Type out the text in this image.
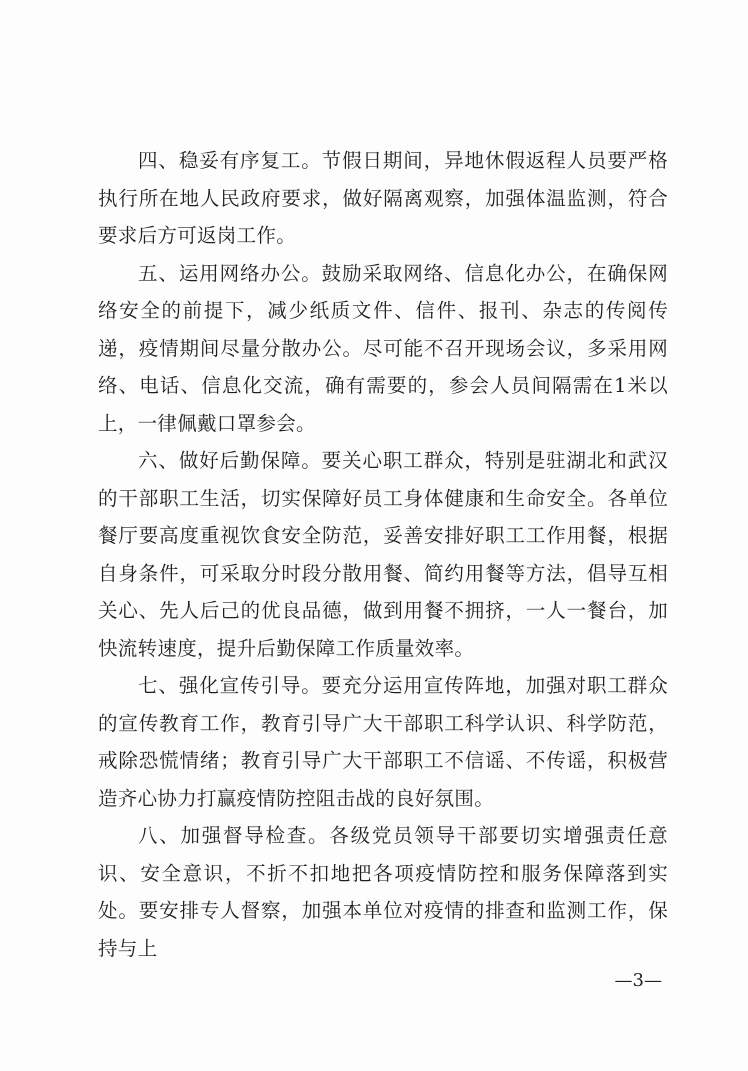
四、稳妥有序复工。节假日期间，异地休假返程人员要严格执行所在地人民政府要求，做好隔离观察，加强体温监测，符合要求后方可返岗工作。

五、运用网络办公。鼓励采取网络、信息化办公，在确保网络安全的前提下，减少纸质文件、信件、报刊、杂志的传阅传递，疫情期间尽量分散办公。尽可能不召开现场会议，多采用网络、电话、信息化交流，确有需要的，参会人员间隔需在1米以上，一律佩戴口罩参会。

六、做好后勤保障。要关心职工群众，特别是驻湖北和武汉的干部职工生活，切实保障好员工身体健康和生命安全。各单位餐厅要高度重视饮食安全防范，妥善安排好职工工作用餐，根据自身条件，可采取分时段分散用餐、简约用餐等方法，倡导互相关心、先人后己的优良品德，做到用餐不拥挤，一人一餐台，加快流转速度，提升后勤保障工作质量效率。

七、强化宣传引导。要充分运用宣传阵地，加强对职工群众的宣传教育工作，教育引导广大干部职工科学认识、科学防范，戒除恐慌情绪；教育引导广大干部职工不信谣、不传谣，积极营造齐心协力打赢疫情防控阻击战的良好氛围。

八、加强督导检查。各级党员领导干部要切实增强责任意识、安全意识，不折不扣地把各项疫情防控和服务保障落到实处。要安排专人督察，加强本单位对疫情的排查和监测工作，保持与上

—3—
